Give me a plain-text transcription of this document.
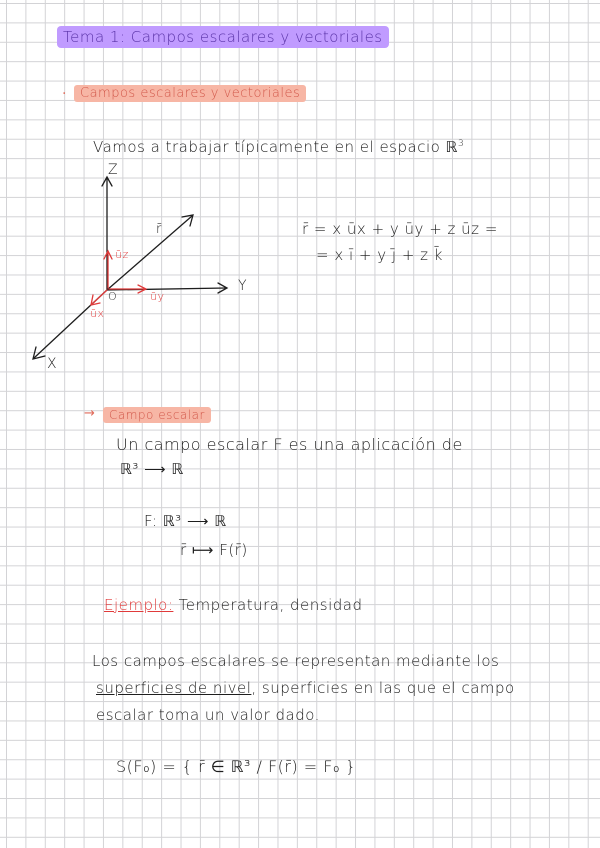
Tema 1: Campos escalares y vectoriales
·	Campos escalares y vectoriales
Vamos a trabajar típicamente en el espacio ℝ$^3$
Z
Y
X
O
r̄
ūz
ūy
ūx
r̄ = x ūx + y ūy + z ūz =
= x ī + y j̄ + z k̄
→	Campo escalar
Un campo escalar F es una aplicación de
ℝ³ ⟶ ℝ
F: ℝ³ ⟶ ℝ
r̄ ⟼ F(r̄)
Ejemplo: Temperatura, densidad
Los campos escalares se representan mediante los
superficies de nivel, superficies en las que el campo
escalar toma un valor dado.
S(F₀) = { r̄ ∈ ℝ³ / F(r̄) = F₀ }
